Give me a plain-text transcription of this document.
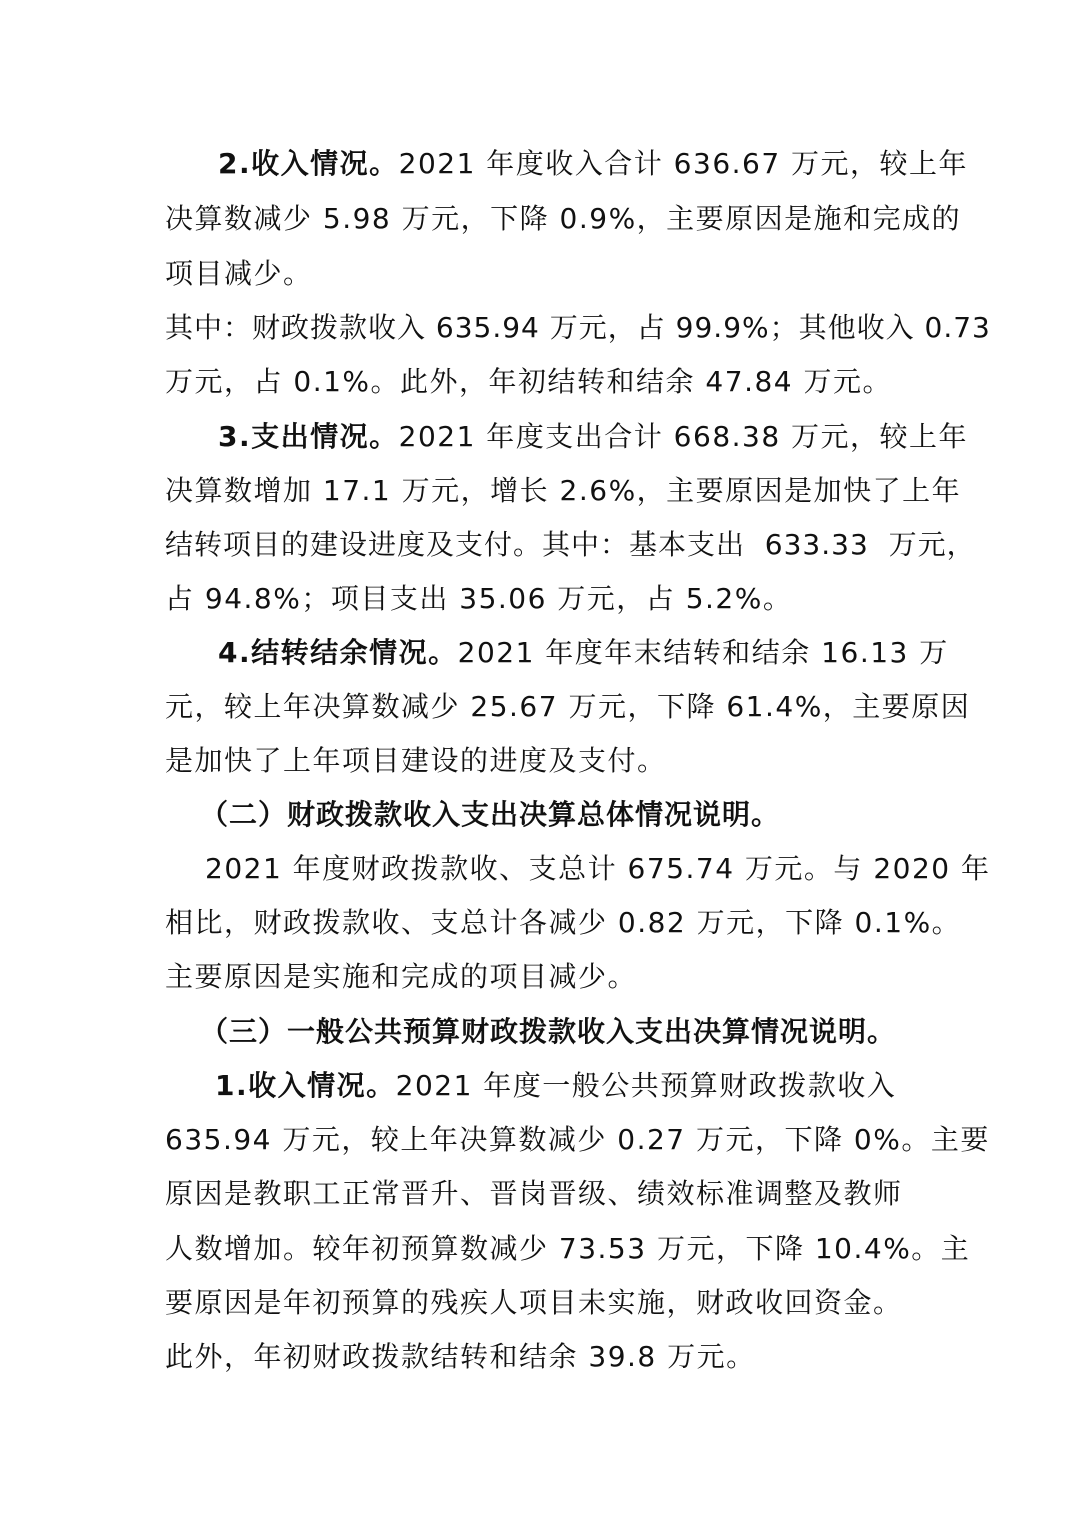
2.收入情况。2021 年度收入合计 636.67 万元，较上年
决算数减少 5.98 万元，下降 0.9%，主要原因是施和完成的
项目减少。
其中：财政拨款收入 635.94 万元，占 99.9%；其他收入 0.73
万元，占 0.1%。此外，年初结转和结余 47.84 万元。
3.支出情况。2021 年度支出合计 668.38 万元，较上年
决算数增加 17.1 万元，增长 2.6%，主要原因是加快了上年
结转项目的建设进度及支付。其中：基本支出  633.33  万元，
占 94.8%；项目支出 35.06 万元，占 5.2%。
4.结转结余情况。2021 年度年末结转和结余 16.13 万
元，较上年决算数减少 25.67 万元，下降 61.4%，主要原因
是加快了上年项目建设的进度及支付。
（二）财政拨款收入支出决算总体情况说明。
2021 年度财政拨款收、支总计 675.74 万元。与 2020 年
相比，财政拨款收、支总计各减少 0.82 万元，下降 0.1%。
主要原因是实施和完成的项目减少。
（三）一般公共预算财政拨款收入支出决算情况说明。
1.收入情况。2021 年度一般公共预算财政拨款收入
635.94 万元，较上年决算数减少 0.27 万元，下降 0%。主要
原因是教职工正常晋升、晋岗晋级、绩效标准调整及教师
人数增加。较年初预算数减少 73.53 万元，下降 10.4%。主
要原因是年初预算的残疾人项目未实施，财政收回资金。
此外，年初财政拨款结转和结余 39.8 万元。
